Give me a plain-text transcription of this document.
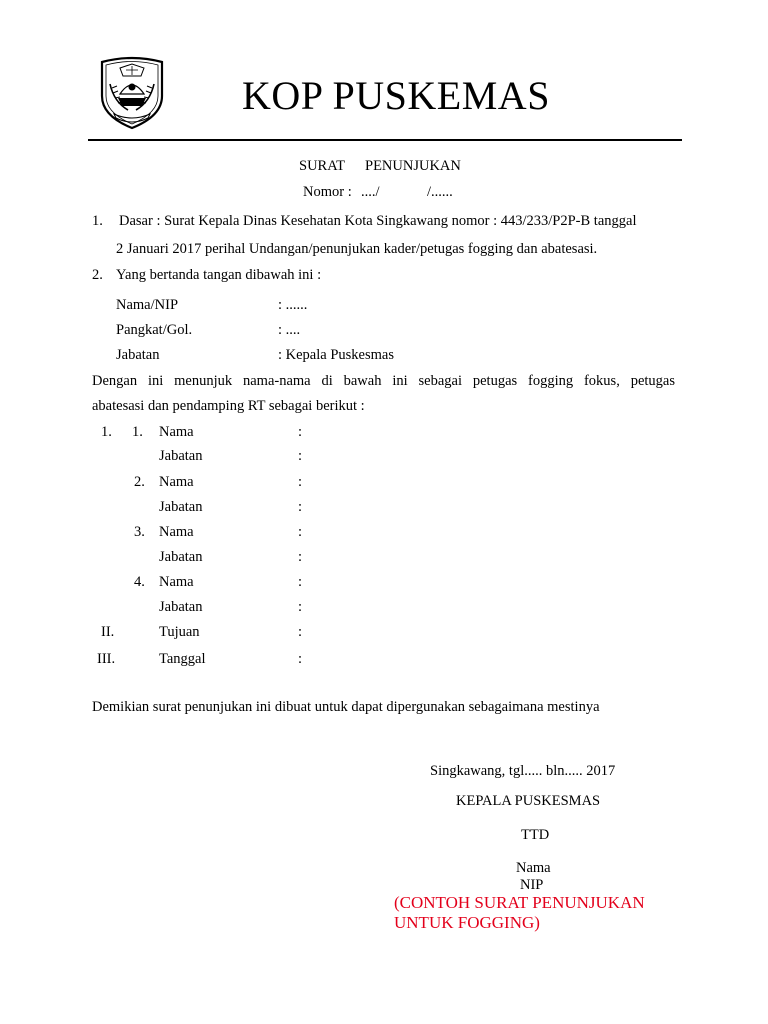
KOP PUSKEMAS
SURAT PENUNJUKAN
Nomor : ..../	/......
1. Dasar : Surat Kepala Dinas Kesehatan Kota Singkawang nomor : 443/233/P2P-B tanggal
2 Januari 2017 perihal Undangan/penunjukan kader/petugas fogging dan abatesasi.
2. Yang bertanda tangan dibawah ini :
Nama/NIP	: ......
Pangkat/Gol.	: ....
Jabatan	: Kepala Puskesmas
Dengan ini menunjuk nama-nama di bawah ini sebagai petugas fogging fokus, petugas
abatesasi dan pendamping RT sebagai berikut :
1. 1. Nama	:
Jabatan	:
2. Nama	:
Jabatan	:
3. Nama	:
Jabatan	:
4. Nama	:
Jabatan	:
II.	Tujuan	:
III.	Tanggal	:
Demikian surat penunjukan ini dibuat untuk dapat dipergunakan sebagaimana mestinya
Singkawang, tgl..... bln..... 2017
KEPALA PUSKESMAS
TTD
Nama
NIP
(CONTOH SURAT PENUNJUKAN
UNTUK FOGGING)
